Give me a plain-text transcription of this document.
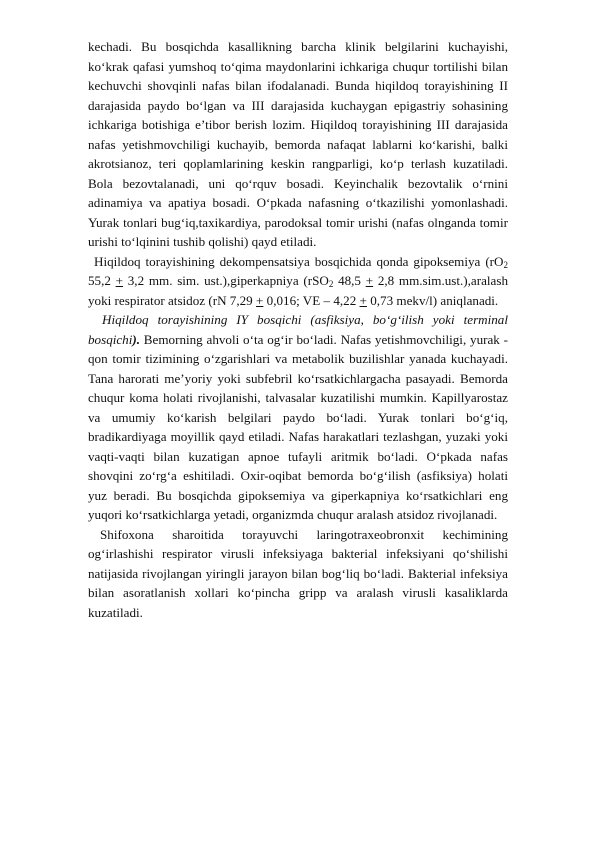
kechadi. Bu bosqichda kasallikning barcha klinik belgilarini kuchayishi, ko‘krak qafasi yumshoq to‘qima maydonlarini ichkariga chuqur tortilishi bilan kechuvchi shovqinli nafas bilan ifodalanadi. Bunda hiqildoq torayishining II darajasida paydo bo‘lgan va III darajasida kuchaygan epigastriy sohasining ichkariga botishiga e’tibor berish lozim. Hiqildoq torayishining III darajasida nafas yetishmovchiligi kuchayib, bemorda nafaqat lablarni ko‘karishi, balki akrotsianoz, teri qoplamlarining keskin rangparligi, ko‘p terlash kuzatiladi. Bola bezovtalanadi, uni qo‘rquv bosadi. Keyinchalik bezovtalik o‘rnini adinamiya va apatiya bosadi. O‘pkada nafasning o‘tkazilishi yomonlashadi. Yurak tonlari bug‘iq,taxikardiya, parodoksal tomir urishi (nafas olnganda tomir urishi to‘lqinini tushib qolishi) qayd etiladi.

Hiqildoq torayishining dekompensatsiya bosqichida qonda gipoksemiya ($rO_2$ 55,2 + 3,2 mm. sim. ust.),giperkapniya (rSO$_2$ 48,5 + 2,8 mm.sim.ust.),aralash yoki respirator atsidoz (rN 7,29 + 0,016; VE – 4,22 + 0,73 mekv/l) aniqlanadi.

Hiqildoq torayishining IY bosqichi (asfiksiya, bo‘g‘ilish yoki terminal bosqichi). Bemorning ahvoli o‘ta og‘ir bo‘ladi. Nafas yetishmovchiligi, yurak - qon tomir tizimining o‘zgarishlari va metabolik buzilishlar yanada kuchayadi. Tana harorati me’yoriy yoki subfebril ko‘rsatkichlargacha pasayadi. Bemorda chuqur koma holati rivojlanishi, talvasalar kuzatilishi mumkin. Kapillyarostaz va umumiy ko‘karish belgilari paydo bo‘ladi. Yurak tonlari bo‘g‘iq, bradikardiyaga moyillik qayd etiladi. Nafas harakatlari tezlashgan, yuzaki yoki vaqti-vaqti bilan kuzatigan apnoe tufayli aritmik bo‘ladi. O‘pkada nafas shovqini zo‘rg‘a eshitiladi. Oxir-oqibat bemorda bo‘g‘ilish (asfiksiya) holati yuz beradi. Bu bosqichda gipoksemiya va giperkapniya ko‘rsatkichlari eng yuqori ko‘rsatkichlarga yetadi, organizmda chuqur aralash atsidoz rivojlanadi.

Shifoxona sharoitida torayuvchi laringotraxeobronxit kechimining og‘irlashishi respirator virusli infeksiyaga bakterial infeksiyani qo‘shilishi natijasida rivojlangan yiringli jarayon bilan bog‘liq bo‘ladi. Bakterial infeksiya bilan asoratlanish xollari ko‘pincha gripp va aralash virusli kasaliklarda kuzatiladi.
